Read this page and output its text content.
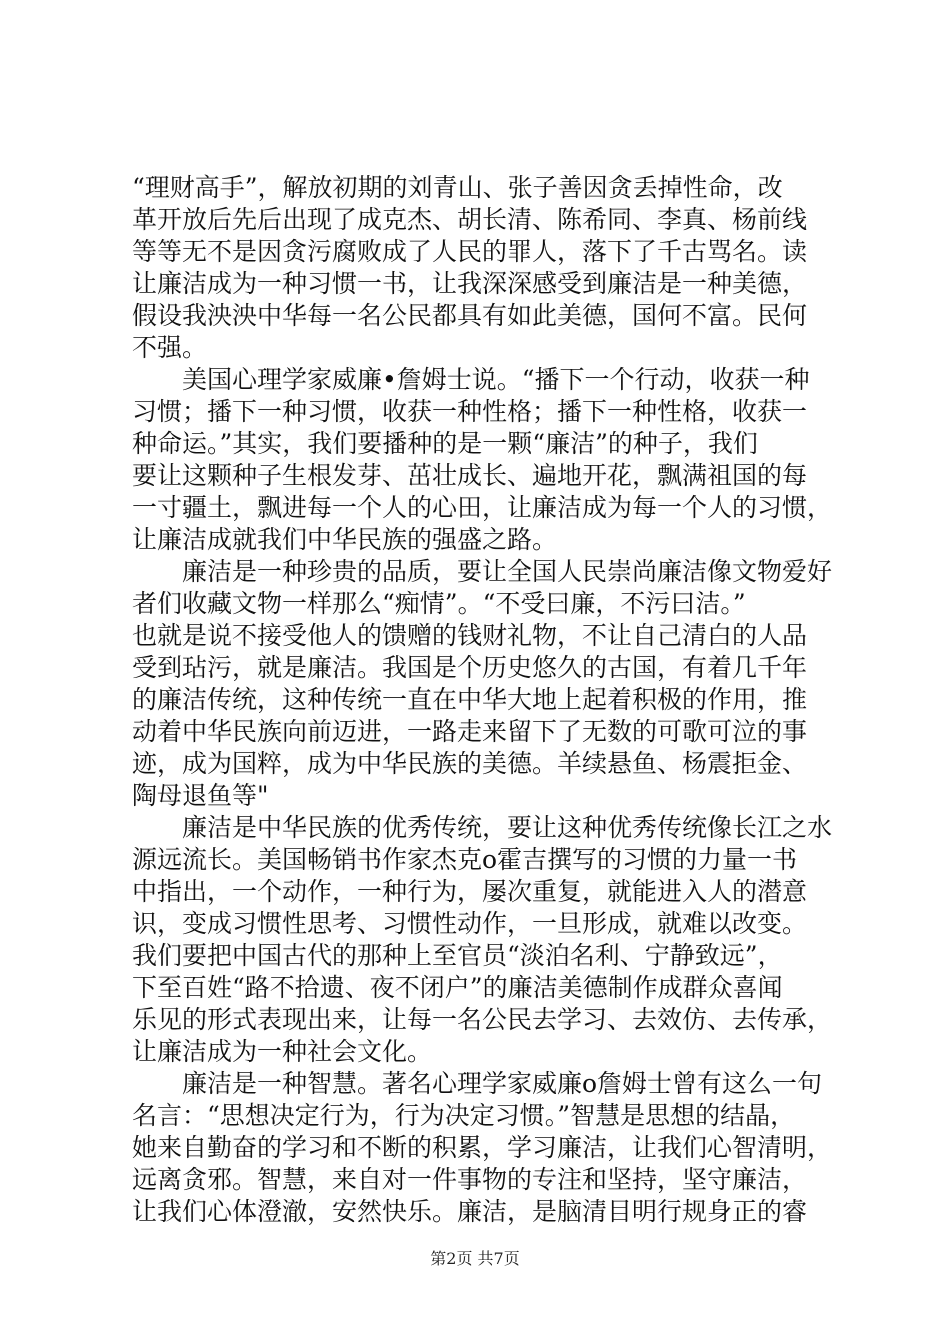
“理财高手”，解放初期的刘青山、张子善因贪丢掉性命，改
革开放后先后出现了成克杰、胡长清、陈希同、李真、杨前线
等等无不是因贪污腐败成了人民的罪人，落下了千古骂名。读
让廉洁成为一种习惯一书，让我深深感受到廉洁是一种美德，
假设我泱泱中华每一名公民都具有如此美德，国何不富。民何
不强。
　　美国心理学家威廉•詹姆士说。“播下一个行动，收获一种
习惯；播下一种习惯，收获一种性格；播下一种性格，收获一
种命运。”其实，我们要播种的是一颗“廉洁”的种子，我们
要让这颗种子生根发芽、茁壮成长、遍地开花，飘满祖国的每
一寸疆土，飘进每一个人的心田，让廉洁成为每一个人的习惯，
让廉洁成就我们中华民族的强盛之路。
　　廉洁是一种珍贵的品质，要让全国人民崇尚廉洁像文物爱好
者们收藏文物一样那么“痴情”。“不受曰廉，不污曰洁。”
也就是说不接受他人的馈赠的钱财礼物，不让自己清白的人品
受到玷污，就是廉洁。我国是个历史悠久的古国，有着几千年
的廉洁传统，这种传统一直在中华大地上起着积极的作用，推
动着中华民族向前迈进，一路走来留下了无数的可歌可泣的事
迹，成为国粹，成为中华民族的美德。羊续悬鱼、杨震拒金、
陶母退鱼等"
　　廉洁是中华民族的优秀传统，要让这种优秀传统像长江之水
源远流长。美国畅销书作家杰克o霍吉撰写的习惯的力量一书
中指出，一个动作，一种行为，屡次重复，就能进入人的潜意
识，变成习惯性思考、习惯性动作，一旦形成，就难以改变。
我们要把中国古代的那种上至官员“淡泊名利、宁静致远”，
下至百姓“路不拾遗、夜不闭户”的廉洁美德制作成群众喜闻
乐见的形式表现出来，让每一名公民去学习、去效仿、去传承，
让廉洁成为一种社会文化。
　　廉洁是一种智慧。著名心理学家威廉o詹姆士曾有这么一句
名言：“思想决定行为，行为决定习惯。”智慧是思想的结晶，
她来自勤奋的学习和不断的积累，学习廉洁，让我们心智清明，
远离贪邪。智慧，来自对一件事物的专注和坚持，坚守廉洁，
让我们心体澄澈，安然快乐。廉洁，是脑清目明行规身正的睿
第2页 共7页
